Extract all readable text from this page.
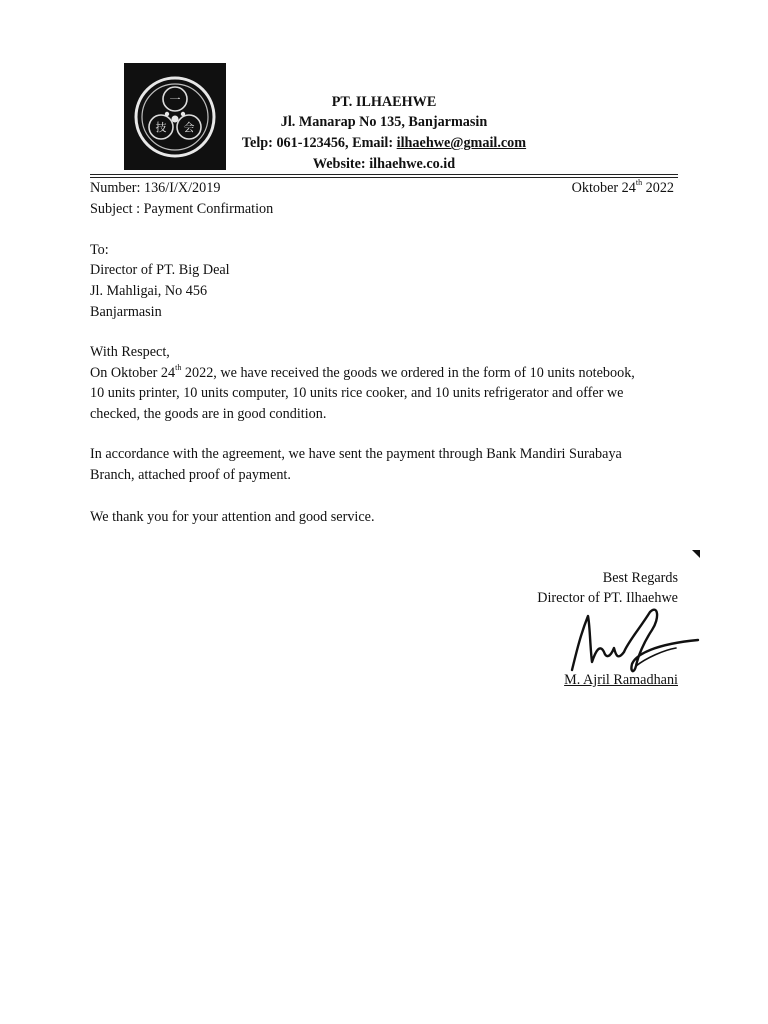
一
技 会
PT. ILHAEHWE
Jl. Manarap No 135, Banjarmasin
Telp: 061-123456, Email: ilhaehwe@gmail.com
Website: ilhaehwe.co.id
Number: 136/I/X/2019	Oktober 24th 2022
Subject : Payment Confirmation
To:
Director of PT. Big Deal
Jl. Mahligai, No 456
Banjarmasin
With Respect,
On Oktober 24th 2022, we have received the goods we ordered in the form of 10 units notebook,
10 units printer, 10 units computer, 10 units rice cooker, and 10 units refrigerator and offer we
checked, the goods are in good condition.
In accordance with the agreement, we have sent the payment through Bank Mandiri Surabaya
Branch, attached proof of payment.
We thank you for your attention and good service.
Best Regards
Director of PT. Ilhaehwe
M. Ajril Ramadhani
